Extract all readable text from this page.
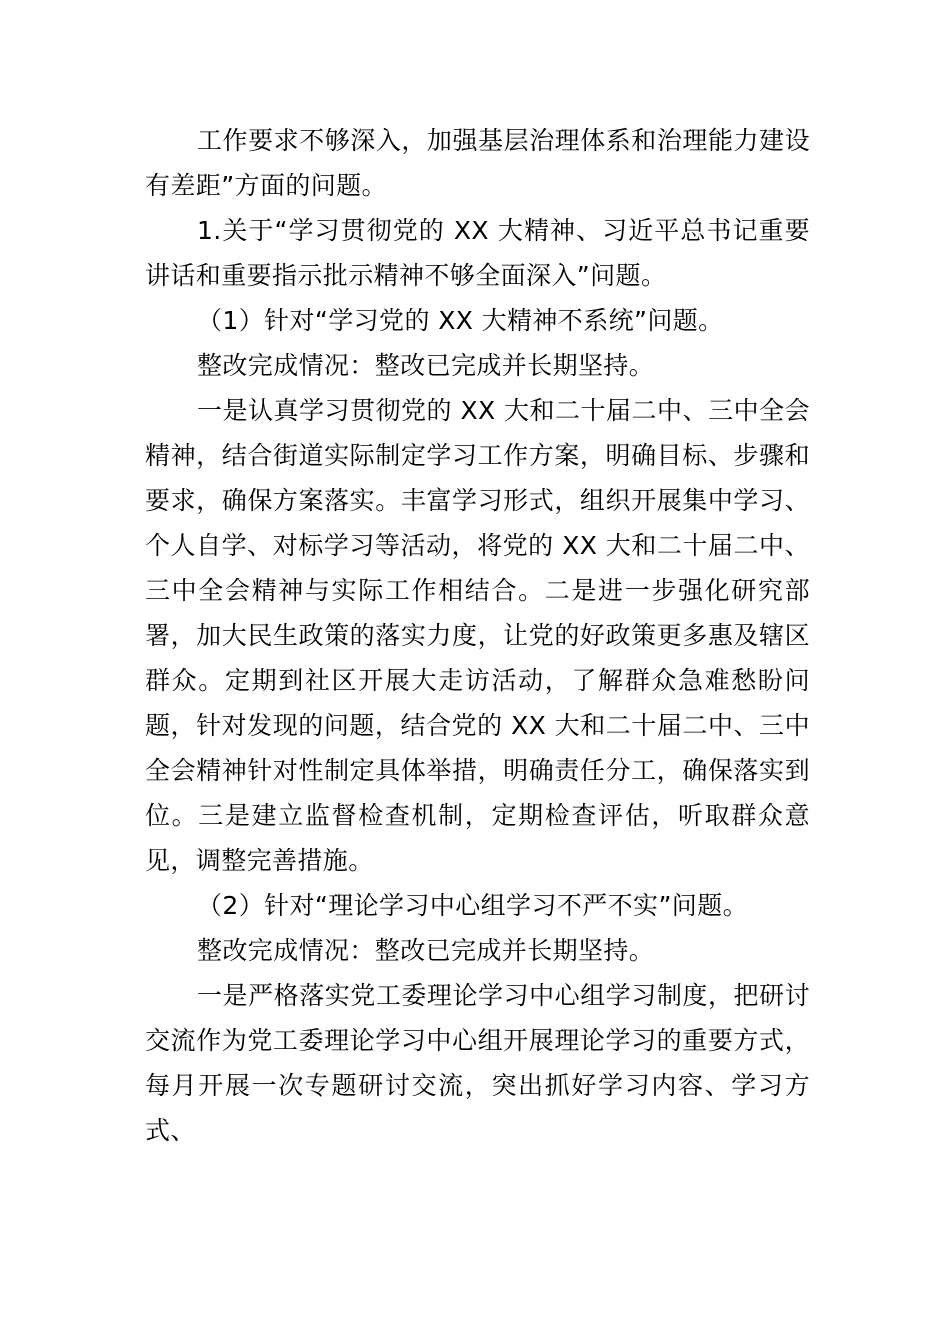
工作要求不够深入，加强基层治理体系和治理能力建设有差距”方面的问题。

1.关于“学习贯彻党的 XX 大精神、习近平总书记重要讲话和重要指示批示精神不够全面深入”问题。

（1）针对“学习党的 XX 大精神不系统”问题。

整改完成情况：整改已完成并长期坚持。

一是认真学习贯彻党的 XX 大和二十届二中、三中全会精神，结合街道实际制定学习工作方案，明确目标、步骤和要求，确保方案落实。丰富学习形式，组织开展集中学习、个人自学、对标学习等活动，将党的 XX 大和二十届二中、三中全会精神与实际工作相结合。二是进一步强化研究部署，加大民生政策的落实力度，让党的好政策更多惠及辖区群众。定期到社区开展大走访活动，了解群众急难愁盼问题，针对发现的问题，结合党的 XX 大和二十届二中、三中全会精神针对性制定具体举措，明确责任分工，确保落实到位。三是建立监督检查机制，定期检查评估，听取群众意见，调整完善措施。

（2）针对“理论学习中心组学习不严不实”问题。

整改完成情况：整改已完成并长期坚持。

一是严格落实党工委理论学习中心组学习制度，把研讨交流作为党工委理论学习中心组开展理论学习的重要方式，每月开展一次专题研讨交流，突出抓好学习内容、学习方式、
